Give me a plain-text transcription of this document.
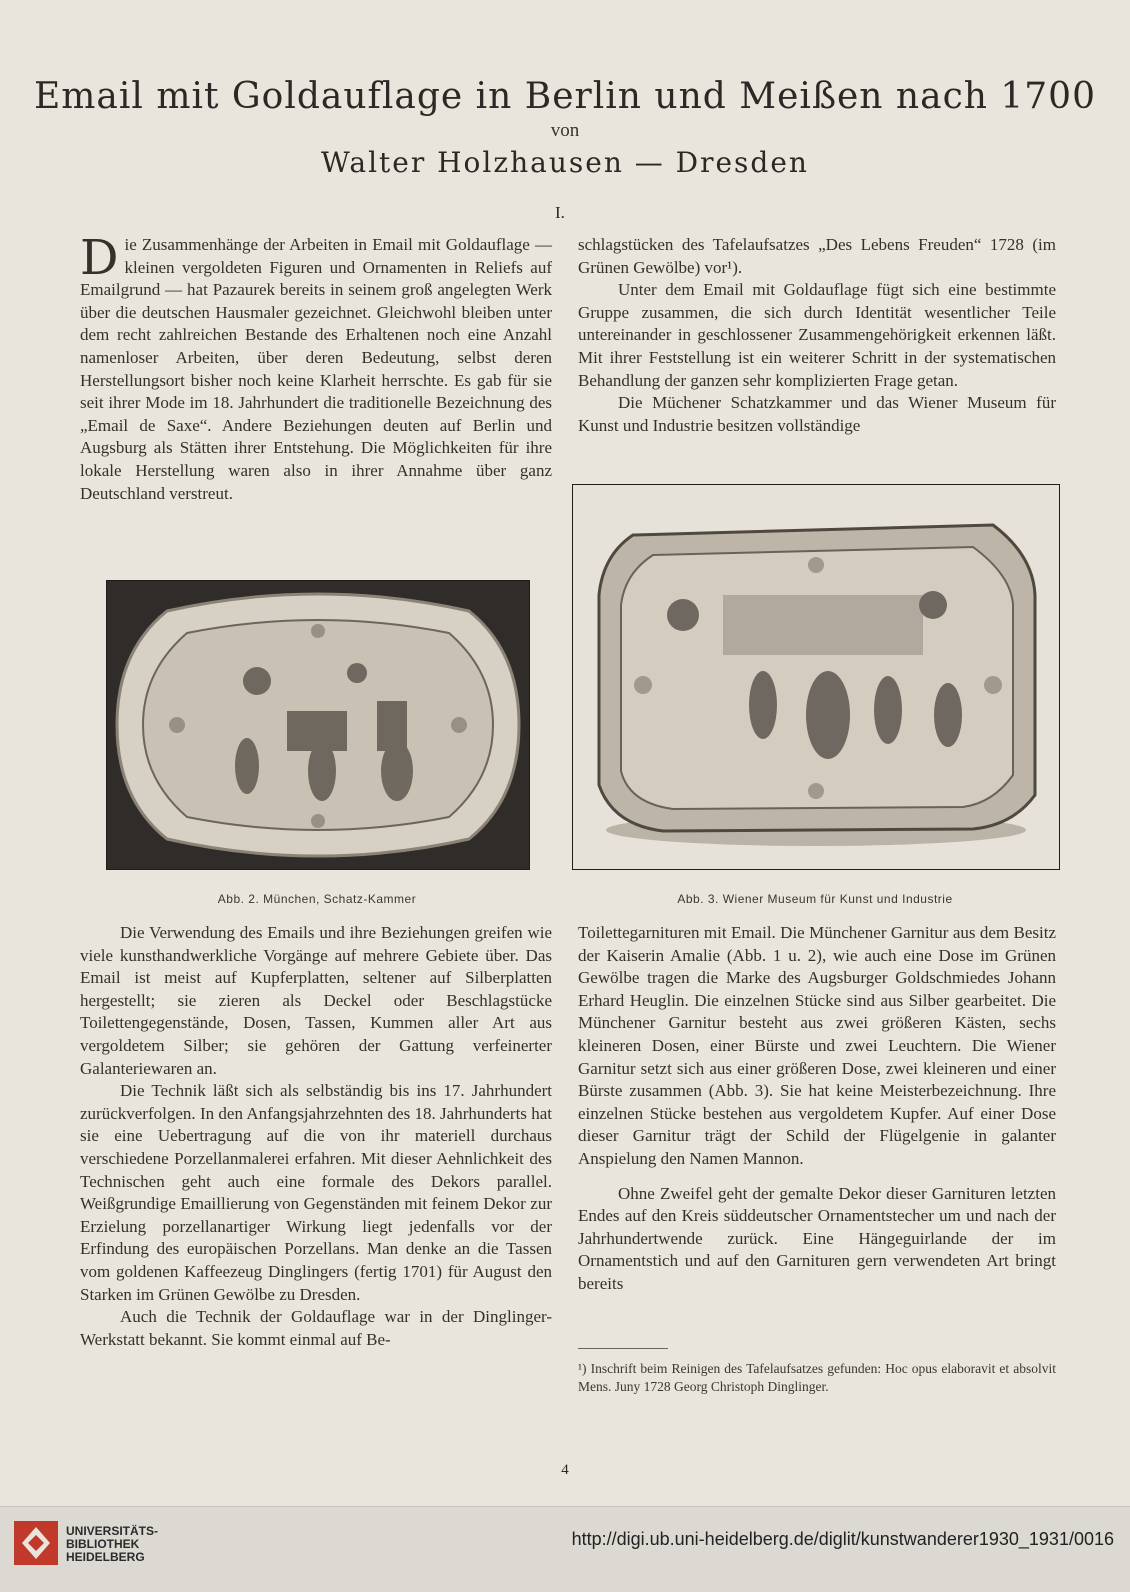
Email mit Goldauflage in Berlin und Meißen nach 1700
von
Walter Holzhausen — Dresden
I.

D ie Zusammenhänge der Arbeiten in Email mit Goldauflage — kleinen vergoldeten Figuren und Ornamenten in Reliefs auf Emailgrund — hat Pazaurek bereits in seinem groß angelegten Werk über die deutschen Hausmaler gezeichnet. Gleichwohl bleiben unter dem recht zahlreichen Bestande des Erhaltenen noch eine Anzahl namenloser Arbeiten, über deren Bedeutung, selbst deren Herstellungsort bisher noch keine Klarheit herrschte. Es gab für sie seit ihrer Mode im 18. Jahrhundert die traditionelle Bezeichnung des „Email de Saxe“. Andere Beziehungen deuten auf Berlin und Augsburg als Stätten ihrer Entstehung. Die Möglichkeiten für ihre lokale Herstellung waren also in ihrer Annahme über ganz Deutschland verstreut.

schlagstücken des Tafelaufsatzes „Des Lebens Freuden“ 1728 (im Grünen Gewölbe) vor¹).

Unter dem Email mit Goldauflage fügt sich eine bestimmte Gruppe zusammen, die sich durch Identität wesentlicher Teile untereinander in geschlossener Zusammengehörigkeit erkennen läßt. Mit ihrer Feststellung ist ein weiterer Schritt in der systematischen Behandlung der ganzen sehr komplizierten Frage getan.

Die Müchener Schatzkammer und das Wiener Museum für Kunst und Industrie besitzen vollständige

Abb. 2. München, Schatz-Kammer	Abb. 3. Wiener Museum für Kunst und Industrie

Die Verwendung des Emails und ihre Beziehungen greifen wie viele kunsthandwerkliche Vorgänge auf mehrere Gebiete über. Das Email ist meist auf Kupferplatten, seltener auf Silberplatten hergestellt; sie zieren als Deckel oder Beschlagstücke Toilettengegenstände, Dosen, Tassen, Kummen aller Art aus vergoldetem Silber; sie gehören der Gattung verfeinerter Galanteriewaren an.

Die Technik läßt sich als selbständig bis ins 17. Jahrhundert zurückverfolgen. In den Anfangsjahrzehnten des 18. Jahrhunderts hat sie eine Uebertragung auf die von ihr materiell durchaus verschiedene Porzellanmalerei erfahren. Mit dieser Aehnlichkeit des Technischen geht auch eine formale des Dekors parallel. Weißgrundige Emaillierung von Gegenständen mit feinem Dekor zur Erzielung porzellanartiger Wirkung liegt jedenfalls vor der Erfindung des europäischen Porzellans. Man denke an die Tassen vom goldenen Kaffeezeug Dinglingers (fertig 1701) für August den Starken im Grünen Gewölbe zu Dresden.

Auch die Technik der Goldauflage war in der Dinglinger-Werkstatt bekannt. Sie kommt einmal auf Be-

Toilettegarnituren mit Email. Die Münchener Garnitur aus dem Besitz der Kaiserin Amalie (Abb. 1 u. 2), wie auch eine Dose im Grünen Gewölbe tragen die Marke des Augsburger Goldschmiedes Johann Erhard Heuglin. Die einzelnen Stücke sind aus Silber gearbeitet. Die Münchener Garnitur besteht aus zwei größeren Kästen, sechs kleineren Dosen, einer Bürste und zwei Leuchtern. Die Wiener Garnitur setzt sich aus einer größeren Dose, zwei kleineren und einer Bürste zusammen (Abb. 3). Sie hat keine Meisterbezeichnung. Ihre einzelnen Stücke bestehen aus vergoldetem Kupfer. Auf einer Dose dieser Garnitur trägt der Schild der Flügelgenie in galanter Anspielung den Namen Mannon.

Ohne Zweifel geht der gemalte Dekor dieser Garnituren letzten Endes auf den Kreis süddeutscher Ornamentstecher um und nach der Jahrhundertwende zurück. Eine Hängeguirlande der im Ornamentstich und auf den Garnituren gern verwendeten Art bringt bereits

¹) Inschrift beim Reinigen des Tafelaufsatzes gefunden: Hoc opus elaboravit et absolvit Mens. Juny 1728 Georg Christoph Dinglinger.
4
UNIVERSITÄTS-
BIBLIOTHEK
HEIDELBERG
http://digi.ub.uni-heidelberg.de/diglit/kunstwanderer1930_1931/0016
